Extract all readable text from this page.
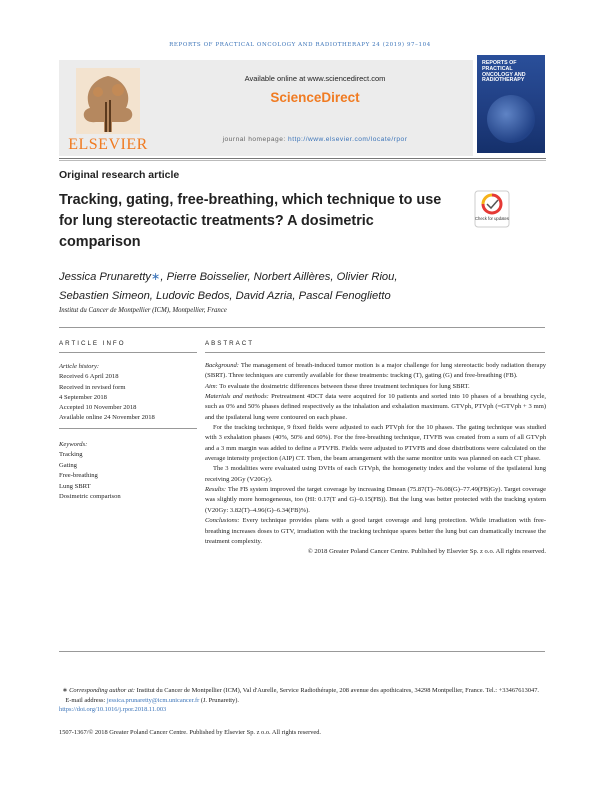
REPORTS OF PRACTICAL ONCOLOGY AND RADIOTHERAPY 24 (2019) 97–104
ELSEVIER
Available online at www.sciencedirect.com
ScienceDirect
journal homepage: http://www.elsevier.com/locate/rpor
REPORTS OF PRACTICAL ONCOLOGY AND RADIOTHERAPY
Original research article
Tracking, gating, free-breathing, which technique to use for lung stereotactic treatments? A dosimetric comparison
Check for updates
Jessica Prunaretty∗, Pierre Boisselier, Norbert Aillères, Olivier Riou,
Sebastien Simeon, Ludovic Bedos, David Azria, Pascal Fenoglietto
Institut du Cancer de Montpellier (ICM), Montpellier, France
ARTICLE INFO	ABSTRACT
Article history:
Received 6 April 2018
Received in revised form
4 September 2018
Accepted 10 November 2018
Available online 24 November 2018
Keywords:
Tracking
Gating
Free-breathing
Lung SBRT
Dosimetric comparison

Background: The management of breath-induced tumor motion is a major challenge for lung stereotactic body radiation therapy (SBRT). Three techniques are currently available for these treatments: tracking (T), gating (G) and free-breathing (FB).

Aim: To evaluate the dosimetric differences between these three treatment techniques for lung SBRT.

Materials and methods: Pretreatment 4DCT data were acquired for 10 patients and sorted into 10 phases of a breathing cycle, such as 0% and 50% phases defined respectively as the inhalation and exhalation maximum. GTVph, PTVph (=GTVph + 3 mm) and the ipsilateral lung were contoured on each phase.

For the tracking technique, 9 fixed fields were adjusted to each PTVph for the 10 phases. The gating technique was studied with 3 exhalation phases (40%, 50% and 60%). For the free-breathing technique, ITVFB was created from a sum of all GTVph and a 3 mm margin was added to define a PTVFB. Fields were adjusted to PTVFB and dose distributions were calculated on the average intensity projection (AIP) CT. Then, the beam arrangement with the same monitor units was planned on each CT phase.

The 3 modalities were evaluated using DVHs of each GTVph, the homogeneity index and the volume of the ipsilateral lung receiving 20Gy (V20Gy).

Results: The FB system improved the target coverage by increasing Dmean (75.87(T)–76.08(G)–77.49(FB)Gy). Target coverage was slightly more homogeneous, too (HI: 0.17(T and G)–0.15(FB)). But the lung was better protected with the tracking system (V20Gy: 3.82(T)–4.96(G)–6.34(FB)%).

Conclusions: Every technique provides plans with a good target coverage and lung protection. While irradiation with free-breathing increases doses to GTV, irradiation with the tracking technique spares better the lung but can dramatically increase the treatment complexity.

© 2018 Greater Poland Cancer Centre. Published by Elsevier Sp. z o.o. All rights reserved.

∗ Corresponding author at: Institut du Cancer de Montpellier (ICM), Val d'Aurelle, Service Radiothérapie, 208 avenue des apothicaires, 34298 Montpellier, France. Tel.: +33467613047.
E-mail address: jessica.prunaretty@icm.unicancer.fr (J. Prunaretty).
https://doi.org/10.1016/j.rpor.2018.11.003
1507-1367/© 2018 Greater Poland Cancer Centre. Published by Elsevier Sp. z o.o. All rights reserved.
